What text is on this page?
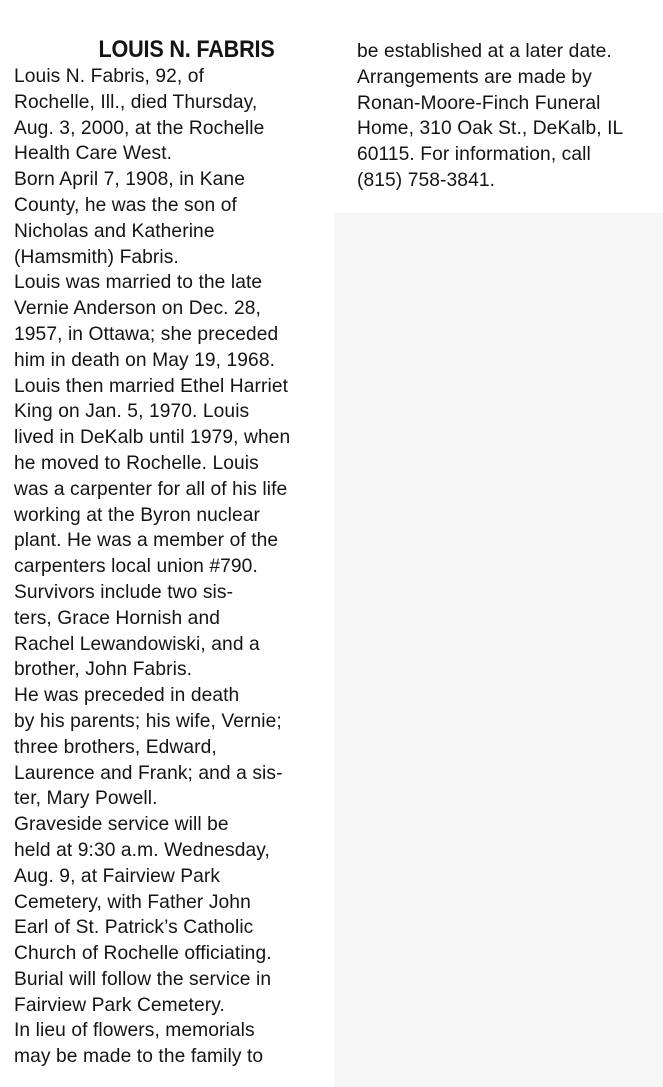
LOUIS N. FABRIS

Louis N. Fabris, 92, of
Rochelle, Ill., died Thursday,
Aug. 3, 2000, at the Rochelle
Health Care West.

Born April 7, 1908, in Kane
County, he was the son of
Nicholas and Katherine
(Hamsmith) Fabris.

Louis was married to the late
Vernie Anderson on Dec. 28,
1957, in Ottawa; she preceded
him in death on May 19, 1968.
Louis then married Ethel Harriet
King on Jan. 5, 1970. Louis
lived in DeKalb until 1979, when
he moved to Rochelle. Louis
was a carpenter for all of his life
working at the Byron nuclear
plant. He was a member of the
carpenters local union #790.

Survivors include two sis-
ters, Grace Hornish and
Rachel Lewandowiski, and a
brother, John Fabris.

He was preceded in death
by his parents; his wife, Vernie;
three brothers, Edward,
Laurence and Frank; and a sis-
ter, Mary Powell.

Graveside service will be
held at 9:30 a.m. Wednesday,
Aug. 9, at Fairview Park
Cemetery, with Father John
Earl of St. Patrick’s Catholic
Church of Rochelle officiating.
Burial will follow the service in
Fairview Park Cemetery.

In lieu of flowers, memorials
may be made to the family to

be established at a later date.

Arrangements are made by
Ronan-Moore-Finch Funeral
Home, 310 Oak St., DeKalb, IL
60115. For information, call
(815) 758-3841.
